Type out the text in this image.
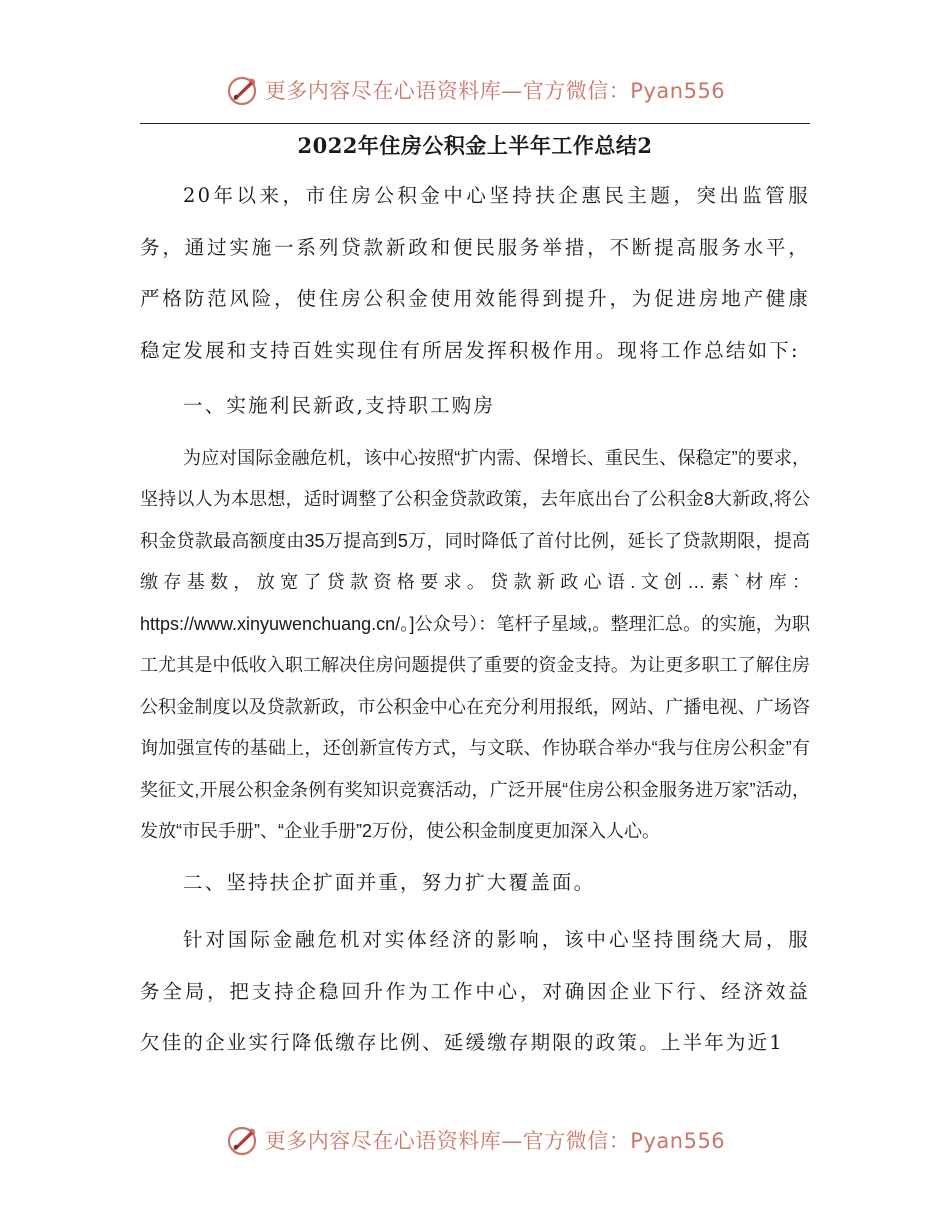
更多内容尽在心语资料库—官方微信：Pyan556
2022年住房公积金上半年工作总结2

20年以来，市住房公积金中心坚持扶企惠民主题，突出监管服务，通过实施一系列贷款新政和便民服务举措，不断提高服务水平，严格防范风险，使住房公积金使用效能得到提升，为促进房地产健康稳定发展和支持百姓实现住有所居发挥积极作用。现将工作总结如下:

一、实施利民新政,支持职工购房

为应对国际金融危机，该中心按照“扩内需、保增长、重民生、保稳定”的要求，坚持以人为本思想，适时调整了公积金贷款政策，去年底出台了公积金8大新政,将公积金贷款最高额度由35万提高到5万，同时降低了首付比例，延长了贷款期限，提高缴存基数，放宽了贷款资格要求。贷款新政心语.文创…素`材库：https://www.xinyuwenchuang.cn/。]公众号）：笔杆子星域,。整理汇总。的实施，为职工尤其是中低收入职工解决住房问题提供了重要的资金支持。为让更多职工了解住房公积金制度以及贷款新政，市公积金中心在充分利用报纸，网站、广播电视、广场咨询加强宣传的基础上，还创新宣传方式，与文联、作协联合举办“我与住房公积金”有奖征文,开展公积金条例有奖知识竞赛活动，广泛开展“住房公积金服务进万家”活动，发放“市民手册”、“企业手册”2万份，使公积金制度更加深入人心。

二、坚持扶企扩面并重，努力扩大覆盖面。

针对国际金融危机对实体经济的影响，该中心坚持围绕大局，服务全局，把支持企稳回升作为工作中心，对确因企业下行、经济效益欠佳的企业实行降低缴存比例、延缓缴存期限的政策。上半年为近1

更多内容尽在心语资料库—官方微信：Pyan556
